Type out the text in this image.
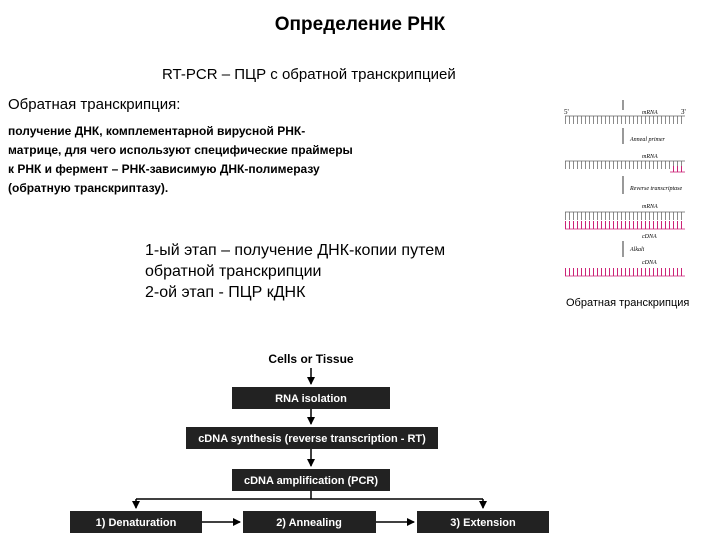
Определение РНК
RT-PCR – ПЦР с обратной транскрипцией
Обратная транскрипция:
получение ДНК, комплементарной вирусной РНК-
матрице, для чего используют специфические праймеры
к РНК и фермент – РНК-зависимую ДНК-полимеразу
(обратную транскриптазу).
1-ый этап – получение ДНК-копии путем
обратной транскрипции
2-ой этап - ПЦР кДНК
Обратная транскрипция
5'	3'
mRNA
Anneal primer
mRNA
Reverse transcriptase
mRNA
cDNA
Alkali
cDNA
Cells or Tissue
RNA isolation
cDNA synthesis (reverse transcription - RT)
cDNA amplification (PCR)
1) Denaturation	2) Annealing	3) Extension
